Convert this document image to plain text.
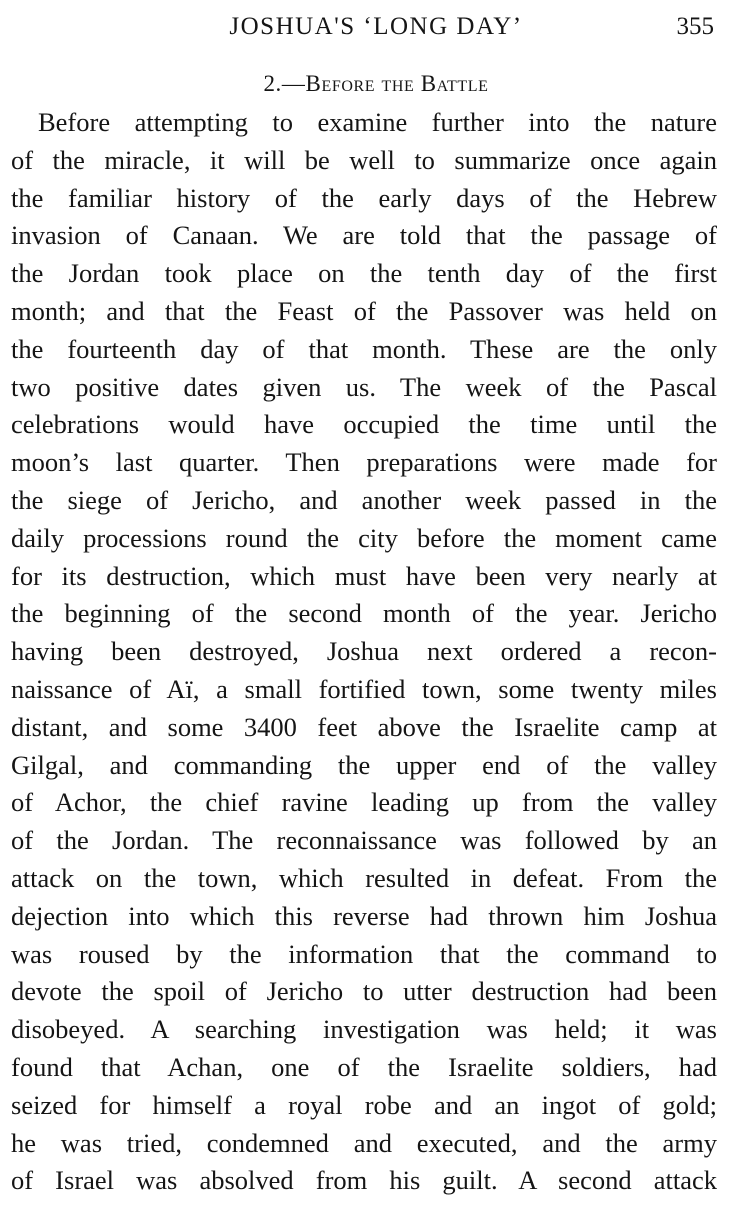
JOSHUA'S ‘LONG DAY’	355
2.—Before the Battle
Before attempting to examine further into the nature
of the miracle, it will be well to summarize once again
the familiar history of the early days of the Hebrew
invasion of Canaan. We are told that the passage of
the Jordan took place on the tenth day of the first
month; and that the Feast of the Passover was held on
the fourteenth day of that month. These are the only
two positive dates given us. The week of the Pascal
celebrations would have occupied the time until the
moon’s last quarter. Then preparations were made for
the siege of Jericho, and another week passed in the
daily processions round the city before the moment came
for its destruction, which must have been very nearly at
the beginning of the second month of the year. Jericho
having been destroyed, Joshua next ordered a recon-
naissance of Aï, a small fortified town, some twenty miles
distant, and some 3400 feet above the Israelite camp at
Gilgal, and commanding the upper end of the valley
of Achor, the chief ravine leading up from the valley
of the Jordan. The reconnaissance was followed by an
attack on the town, which resulted in defeat. From the
dejection into which this reverse had thrown him Joshua
was roused by the information that the command to
devote the spoil of Jericho to utter destruction had been
disobeyed. A searching investigation was held; it was
found that Achan, one of the Israelite soldiers, had
seized for himself a royal robe and an ingot of gold;
he was tried, condemned and executed, and the army
of Israel was absolved from his guilt. A second attack
